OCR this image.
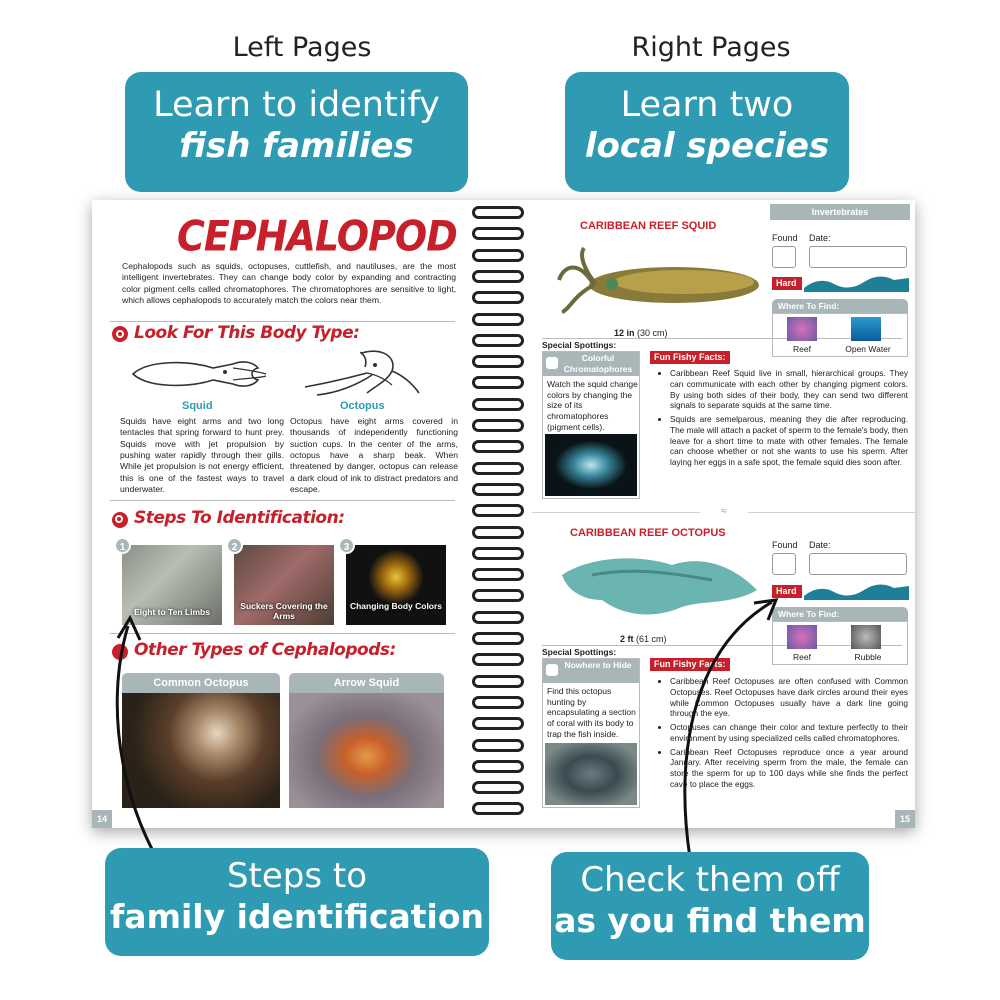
Left Pages	Right Pages
Learn to identify
fish families
Learn two
local species
CEPHALOPOD
Cephalopods such as squids, octopuses, cuttlefish, and nautiluses, are the most intelligent invertebrates. They can change body color by expanding and contracting color pigment cells called chromatophores. The chromatophores are sensitive to light, which allows cephalopods to accurately match the colors near them.
Look For This Body Type:
Squid	Octopus
Squids have eight arms and two long tentacles that spring forward to hunt prey. Squids move with jet propulsion by pushing water rapidly through their gills. While jet propulsion is not energy efficient, this is one of the fastest ways to travel underwater.
Octopus have eight arms covered in thousands of independently functioning suction cups. In the center of the arms, octopus have a sharp beak. When threatened by danger, octopus can release a dark cloud of ink to distract predators and escape.
Steps To Identification:
Eight to Ten Limbs
Suckers Covering the Arms
Changing Body Colors
1	2	3
Other Types of Cephalopods:
Common Octopus	Arrow Squid
14
Invertebrates
CARIBBEAN REEF SQUID
12 in (30 cm)
Found Date:
Hard
Where To Find:
Reef	Open Water
Special Spottings:
Colorful Chromatophores
Watch the squid change colors by changing the size of its chromatophores (pigment cells).
Fun Fishy Facts:
• Caribbean Reef Squid live in small, hierarchical groups. They can communicate with each other by changing pigment colors. By using both sides of their body, they can send two different signals to separate squids at the same time.
• Squids are semelparous, meaning they die after reproducing. The male will attach a packet of sperm to the female's body, then leave for a short time to mate with other females. The female can choose whether or not she wants to use his sperm. After laying her eggs in a safe spot, the female squid dies soon after.
≈
CARIBBEAN REEF OCTOPUS
2 ft (61 cm)
Found Date:
Hard
Where To Find:
Reef	Rubble
Special Spottings:
Nowhere to Hide
Find this octopus hunting by encapsulating a section of coral with its body to trap the fish inside.
Fun Fishy Facts:
• Caribbean Reef Octopuses are often confused with Common Octopuses. Reef Octopuses have dark circles around their eyes while Common Octopuses usually have a dark line going through the eye.
• Octopuses can change their color and texture perfectly to their environment by using specialized cells called chromatophores.
• Caribbean Reef Octopuses reproduce once a year around January. After receiving sperm from the male, the female can store the sperm for up to 100 days while she finds the perfect cave to place the eggs.
15
Steps to
family identification
Check them off
as you find them
